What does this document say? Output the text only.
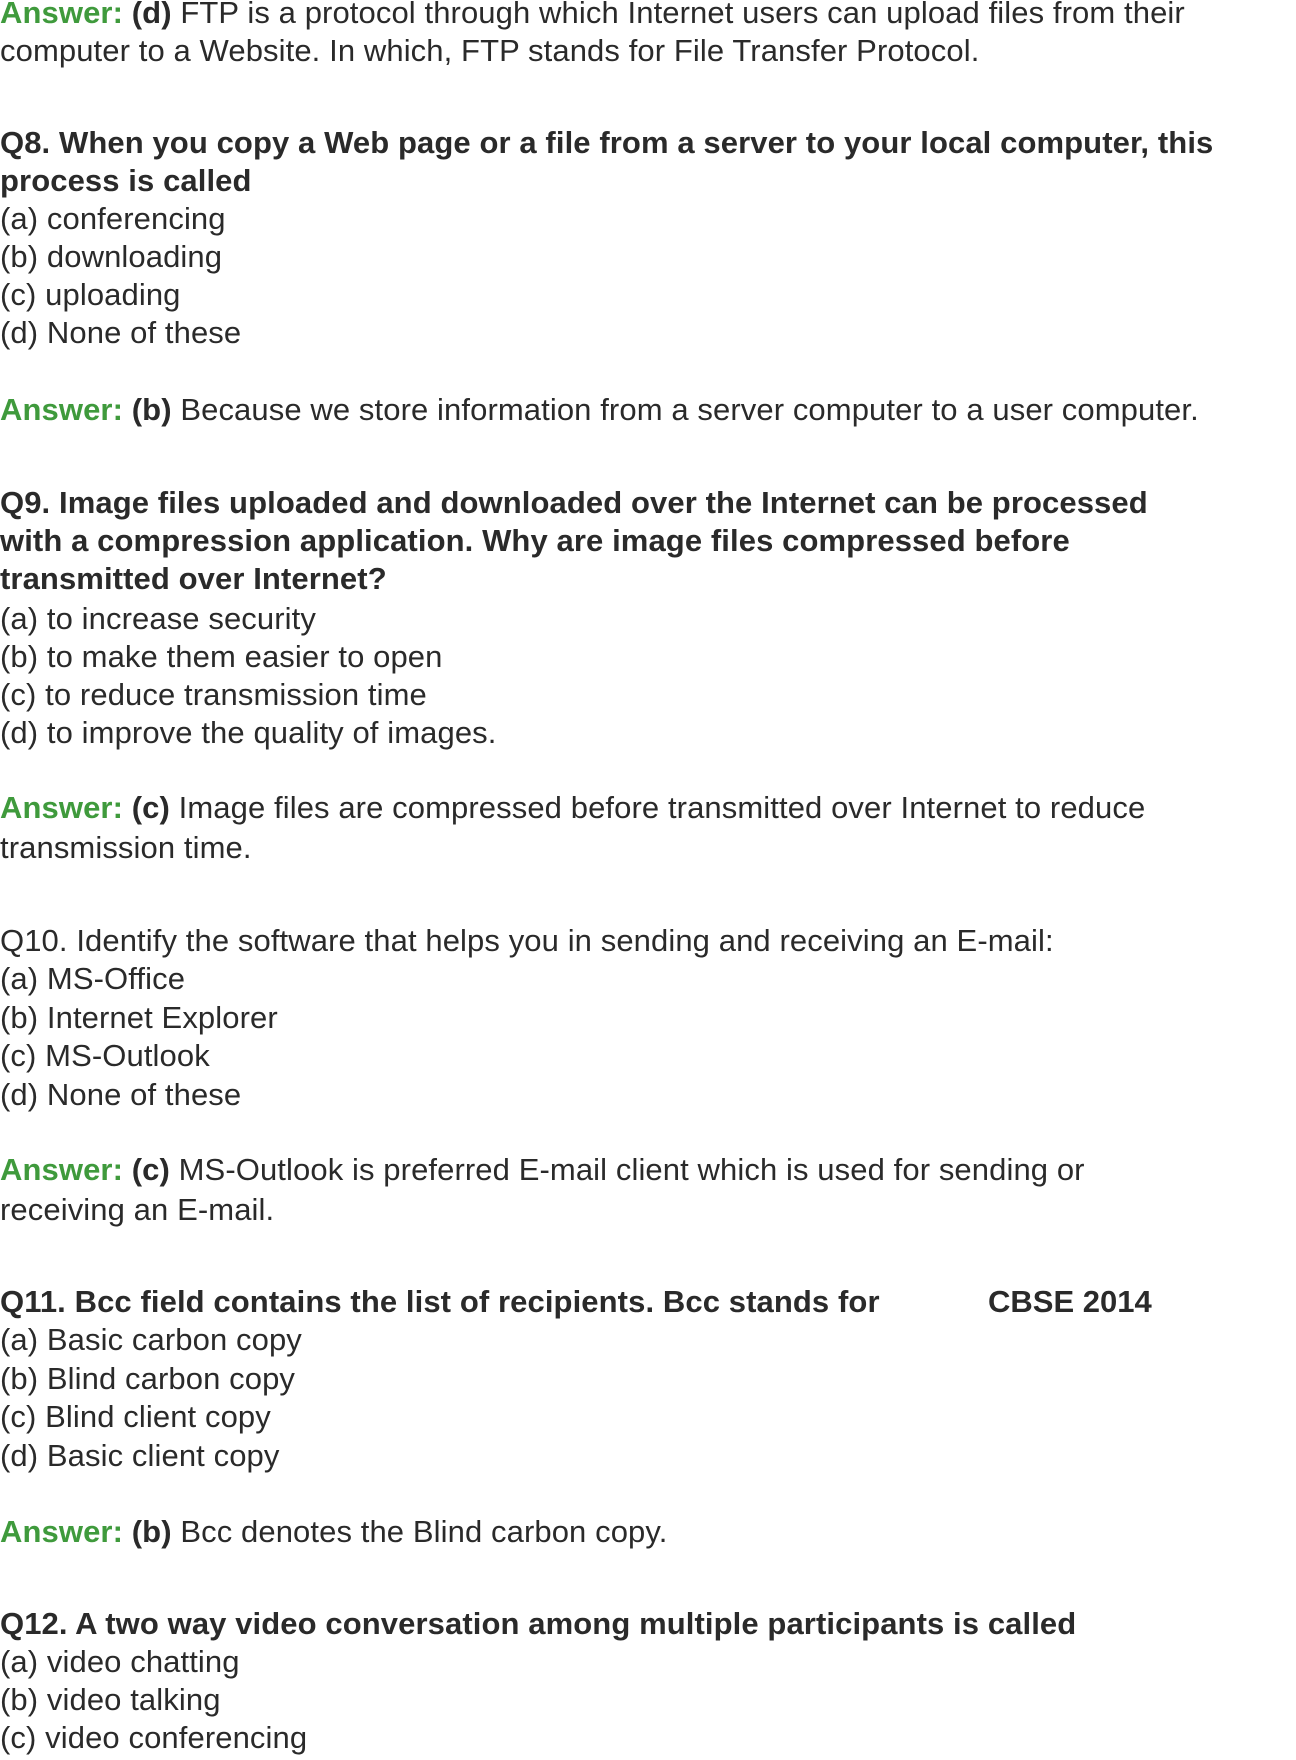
Answer: (d) FTP is a protocol through which Internet users can upload files from their

computer to a Website. In which, FTP stands for File Transfer Protocol.

Q8. When you copy a Web page or a file from a server to your local computer, this

process is called

(a) conferencing

(b) downloading

(c) uploading

(d) None of these

Answer: (b) Because we store information from a server computer to a user computer.

Q9. Image files uploaded and downloaded over the Internet can be processed

with a compression application. Why are image files compressed before

transmitted over Internet?

(a) to increase security

(b) to make them easier to open

(c) to reduce transmission time

(d) to improve the quality of images.

Answer: (c) Image files are compressed before transmitted over Internet to reduce

transmission time.

Q10. Identify the software that helps you in sending and receiving an E-mail:

(a) MS-Office

(b) Internet Explorer

(c) MS-Outlook

(d) None of these

Answer: (c) MS-Outlook is preferred E-mail client which is used for sending or

receiving an E-mail.

Q11. Bcc field contains the list of recipients. Bcc stands for	CBSE 2014

(a) Basic carbon copy

(b) Blind carbon copy

(c) Blind client copy

(d) Basic client copy

Answer: (b) Bcc denotes the Blind carbon copy.

Q12. A two way video conversation among multiple participants is called

(a) video chatting

(b) video talking

(c) video conferencing
